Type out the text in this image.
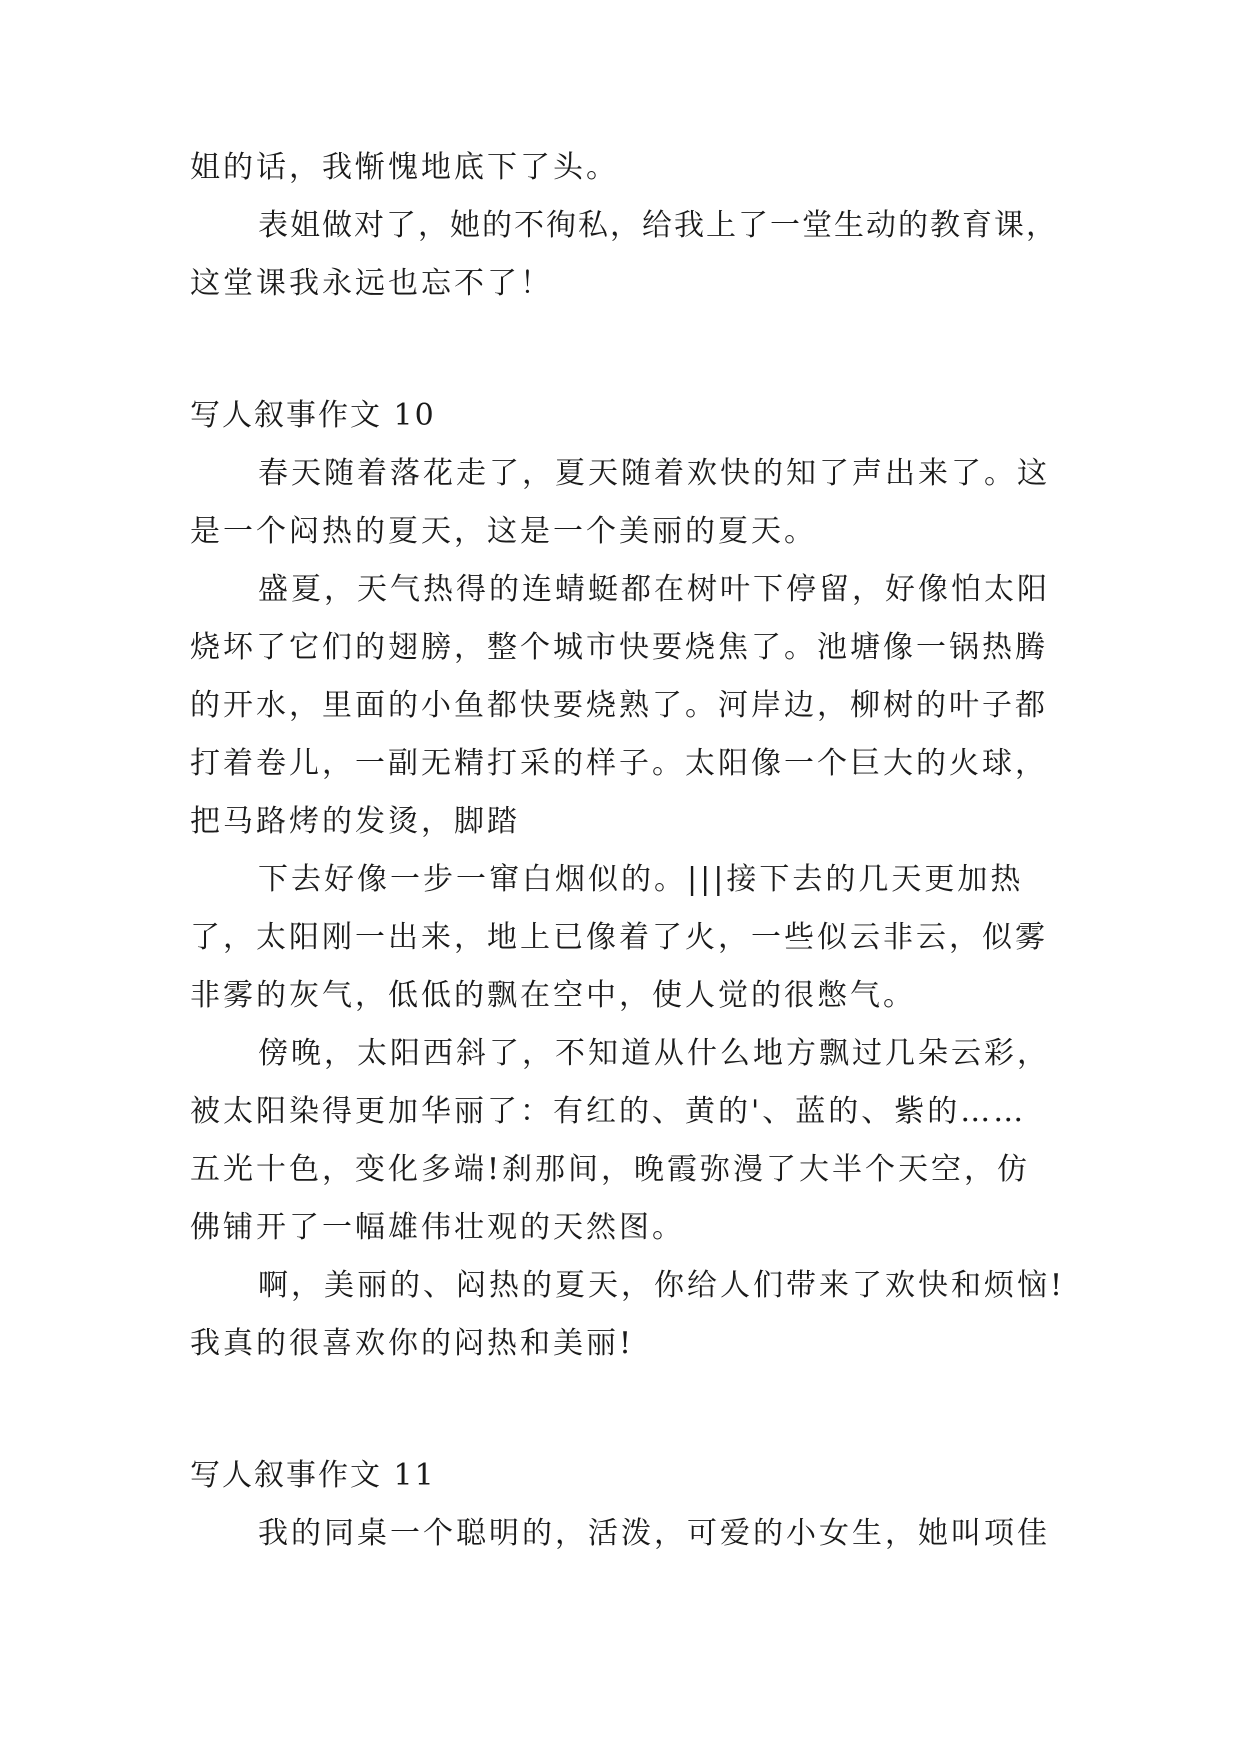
姐的话，我惭愧地底下了头。
表姐做对了，她的不徇私，给我上了一堂生动的教育课，
这堂课我永远也忘不了！
写人叙事作文 10
春天随着落花走了，夏天随着欢快的知了声出来了。这
是一个闷热的夏天，这是一个美丽的夏天。
盛夏，天气热得的连蜻蜓都在树叶下停留，好像怕太阳
烧坏了它们的翅膀，整个城市快要烧焦了。池塘像一锅热腾
的开水，里面的小鱼都快要烧熟了。河岸边，柳树的叶子都
打着卷儿，一副无精打采的样子。太阳像一个巨大的火球，
把马路烤的发烫，脚踏
下去好像一步一窜白烟似的。|||接下去的几天更加热
了，太阳刚一出来，地上已像着了火，一些似云非云，似雾
非雾的灰气，低低的飘在空中，使人觉的很憋气。
傍晚，太阳西斜了，不知道从什么地方飘过几朵云彩，
被太阳染得更加华丽了：有红的、黄的'、蓝的、紫的……
五光十色，变化多端!刹那间，晚霞弥漫了大半个天空，仿
佛铺开了一幅雄伟壮观的天然图。
啊，美丽的、闷热的夏天，你给人们带来了欢快和烦恼!
我真的很喜欢你的闷热和美丽!
写人叙事作文 11
我的同桌一个聪明的，活泼，可爱的小女生，她叫项佳
